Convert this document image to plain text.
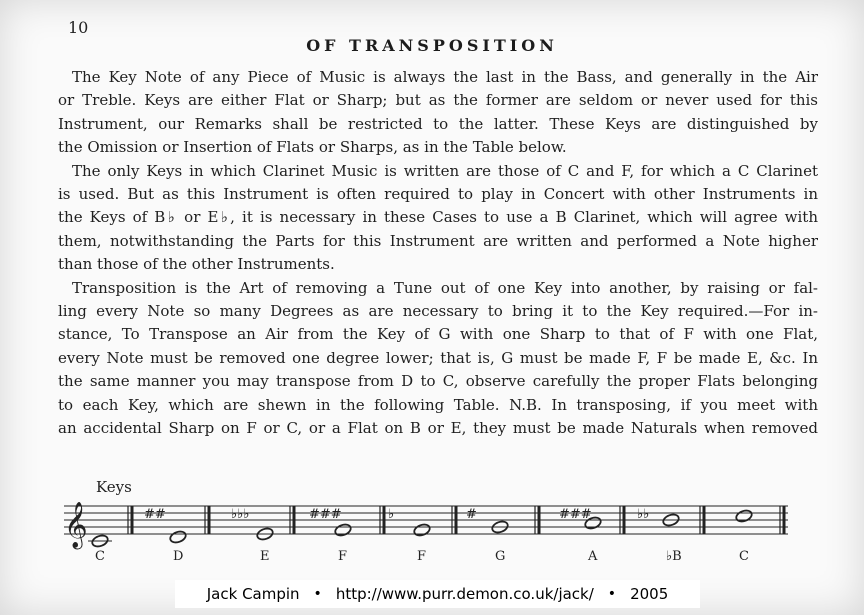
10
OF TRANSPOSITION
The Key Note of any Piece of Music is always the last in the Bass, and generally in the Air
or Treble. Keys are either Flat or Sharp; but as the former are seldom or never used for this
Instrument, our Remarks shall be restricted to the latter. These Keys are distinguished by
the Omission or Insertion of Flats or Sharps, as in the Table below.
The only Keys in which Clarinet Music is written are those of C and F, for which a C Clarinet
is used. But as this Instrument is often required to play in Concert with other Instruments in
the Keys of B♭ or E♭, it is necessary in these Cases to use a B Clarinet, which will agree with
them, notwithstanding the Parts for this Instrument are written and performed a Note higher
than those of the other Instruments.
Transposition is the Art of removing a Tune out of one Key into another, by raising or fal-
ling every Note so many Degrees as are necessary to bring it to the Key required.—For in-
stance, To Transpose an Air from the Key of G with one Sharp to that of F with one Flat,
every Note must be removed one degree lower; that is, G must be made F, F be made E, &c. In
the same manner you may transpose from D to C, observe carefully the proper Flats belonging
to each Key, which are shewn in the following Table. N.B. In transposing, if you meet with
an accidental Sharp on F or C, or a Flat on B or E, they must be made Naturals when removed
Keys
𝄞
C
##
D
♭♭♭
E
###
F
♭
F
#
G
###
A
♭♭
♭B	C
Jack Campin • http://www.purr.demon.co.uk/jack/ • 2005
